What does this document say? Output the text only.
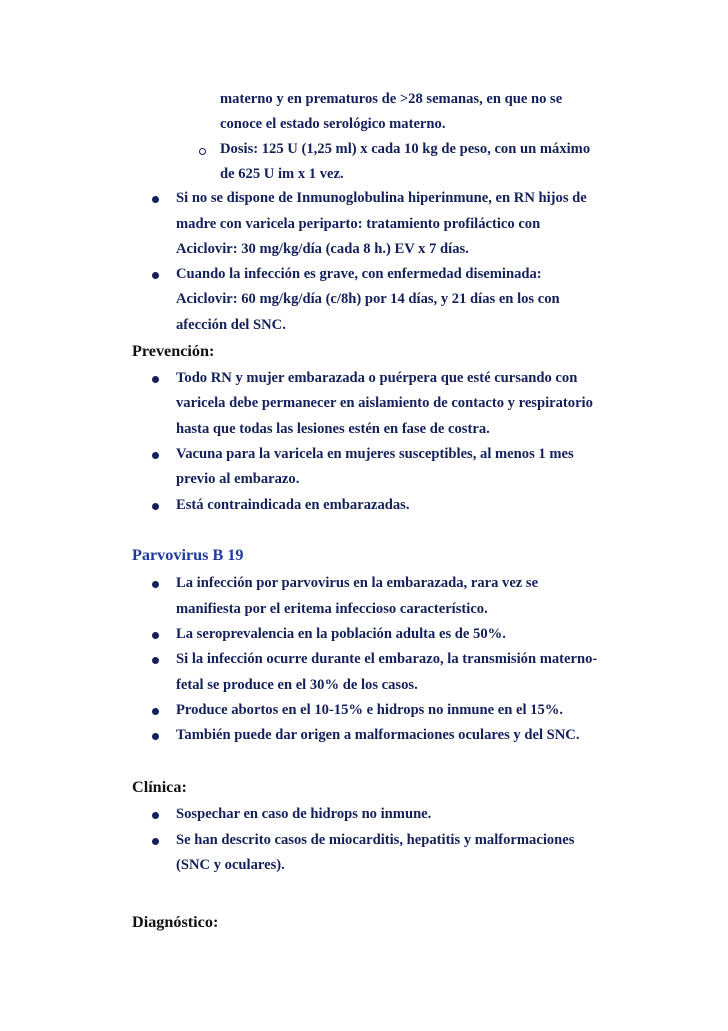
materno y en prematuros de >28 semanas, en que no se
conoce el estado serológico materno.
Dosis: 125 U (1,25 ml) x cada 10 kg de peso, con un máximo
de 625 U im x 1 vez.
Si no se dispone de Inmunoglobulina hiperinmune, en RN hijos de
madre con varicela periparto: tratamiento profiláctico con
Aciclovir: 30 mg/kg/día (cada 8 h.) EV x 7 días.
Cuando la infección es grave, con enfermedad diseminada:
Aciclovir: 60 mg/kg/día (c/8h) por 14 días, y 21 días en los con
afección del SNC.
Prevención:
Todo RN y mujer embarazada o puérpera que esté cursando con
varicela debe permanecer en aislamiento de contacto y respiratorio
hasta que todas las lesiones estén en fase de costra.
Vacuna para la varicela en mujeres susceptibles, al menos 1 mes
previo al embarazo.
Está contraindicada en embarazadas.
Parvovirus B 19
La infección por parvovirus en la embarazada, rara vez se
manifiesta por el eritema infeccioso característico.
La seroprevalencia en la población adulta es de 50%.
Si la infección ocurre durante el embarazo, la transmisión materno-
fetal se produce en el 30% de los casos.
Produce abortos en el 10-15% e hidrops no inmune en el 15%.
También puede dar origen a malformaciones oculares y del SNC.
Clínica:
Sospechar en caso de hidrops no inmune.
Se han descrito casos de miocarditis, hepatitis y malformaciones
(SNC y oculares).
Diagnóstico:
